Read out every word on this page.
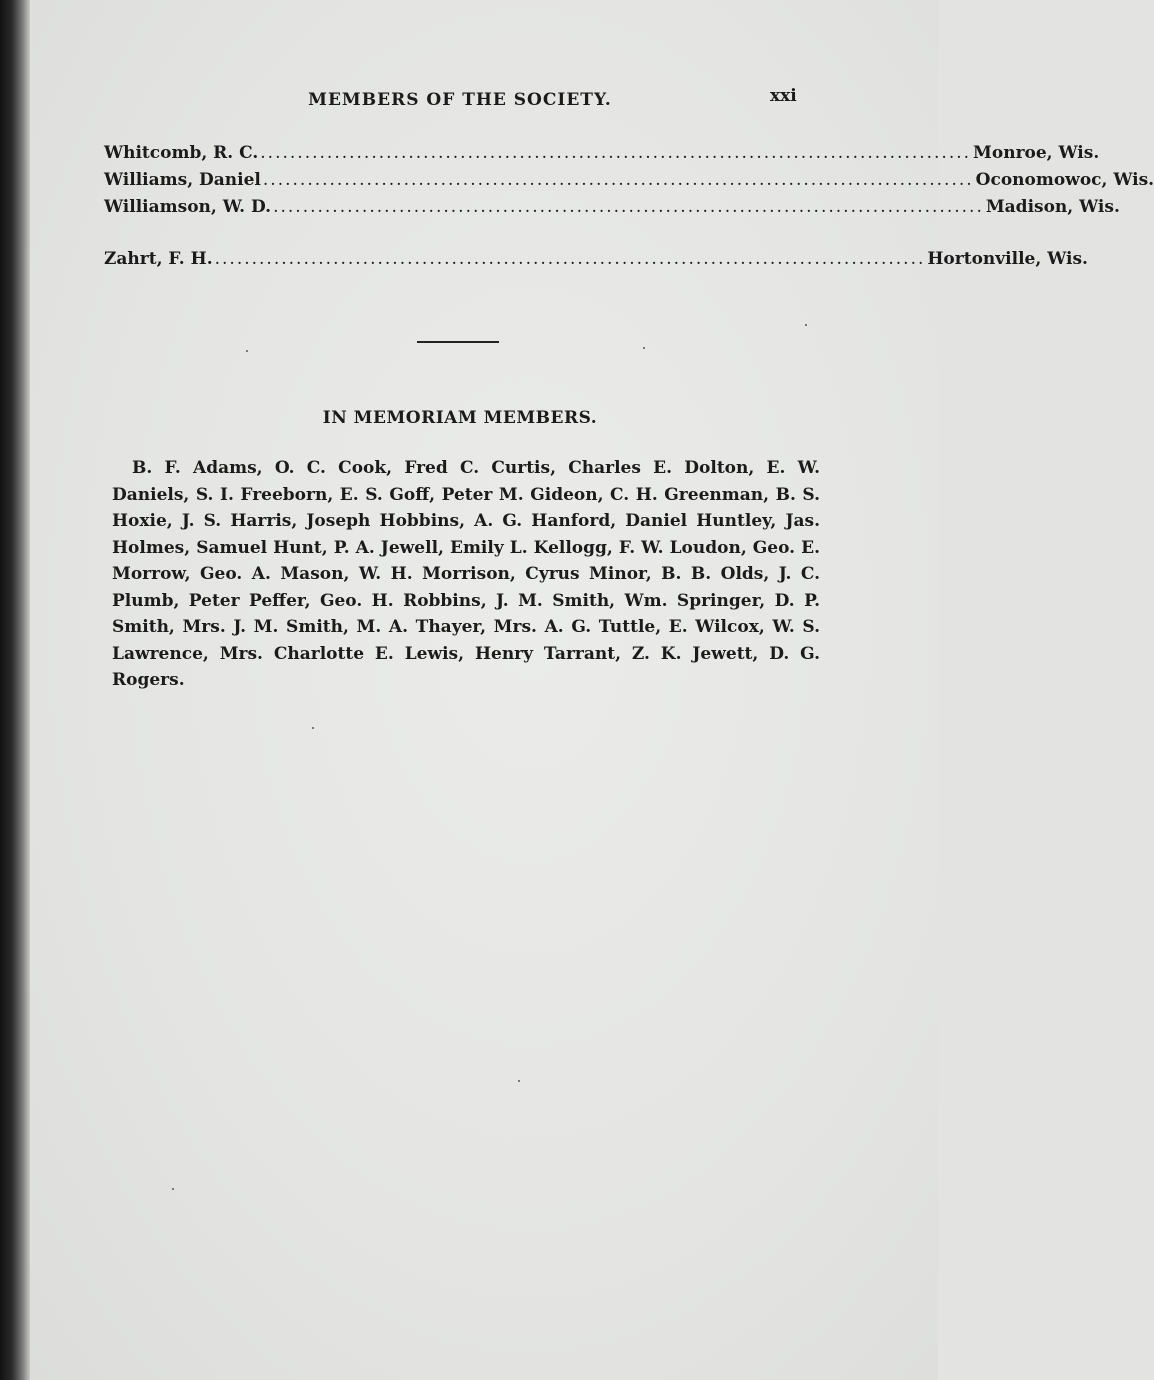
MEMBERS OF THE SOCIETY.	xxi
Whitcomb, R. C. ................................................................................................ Monroe, Wis.
Williams, Daniel ................................................................................................ Oconomowoc, Wis.
Williamson, W. D. ................................................................................................ Madison, Wis.
Zahrt, F. H. ................................................................................................ Hortonville, Wis.
IN MEMORIAM MEMBERS.
B. F. Adams, O. C. Cook, Fred C. Curtis, Charles E. Dolton, E. W. Daniels, S. I. Freeborn, E. S. Goff, Peter M. Gideon, C. H. Greenman, B. S. Hoxie, J. S. Harris, Joseph Hobbins, A. G. Hanford, Daniel Huntley, Jas. Holmes, Samuel Hunt, P. A. Jewell, Emily L. Kellogg, F. W. Loudon, Geo. E. Morrow, Geo. A. Mason, W. H. Morrison, Cyrus Minor, B. B. Olds, J. C. Plumb, Peter Peffer, Geo. H. Robbins, J. M. Smith, Wm. Springer, D. P. Smith, Mrs. J. M. Smith, M. A. Thayer, Mrs. A. G. Tuttle, E. Wilcox, W. S. Lawrence, Mrs. Charlotte E. Lewis, Henry Tarrant, Z. K. Jewett, D. G. Rogers.
